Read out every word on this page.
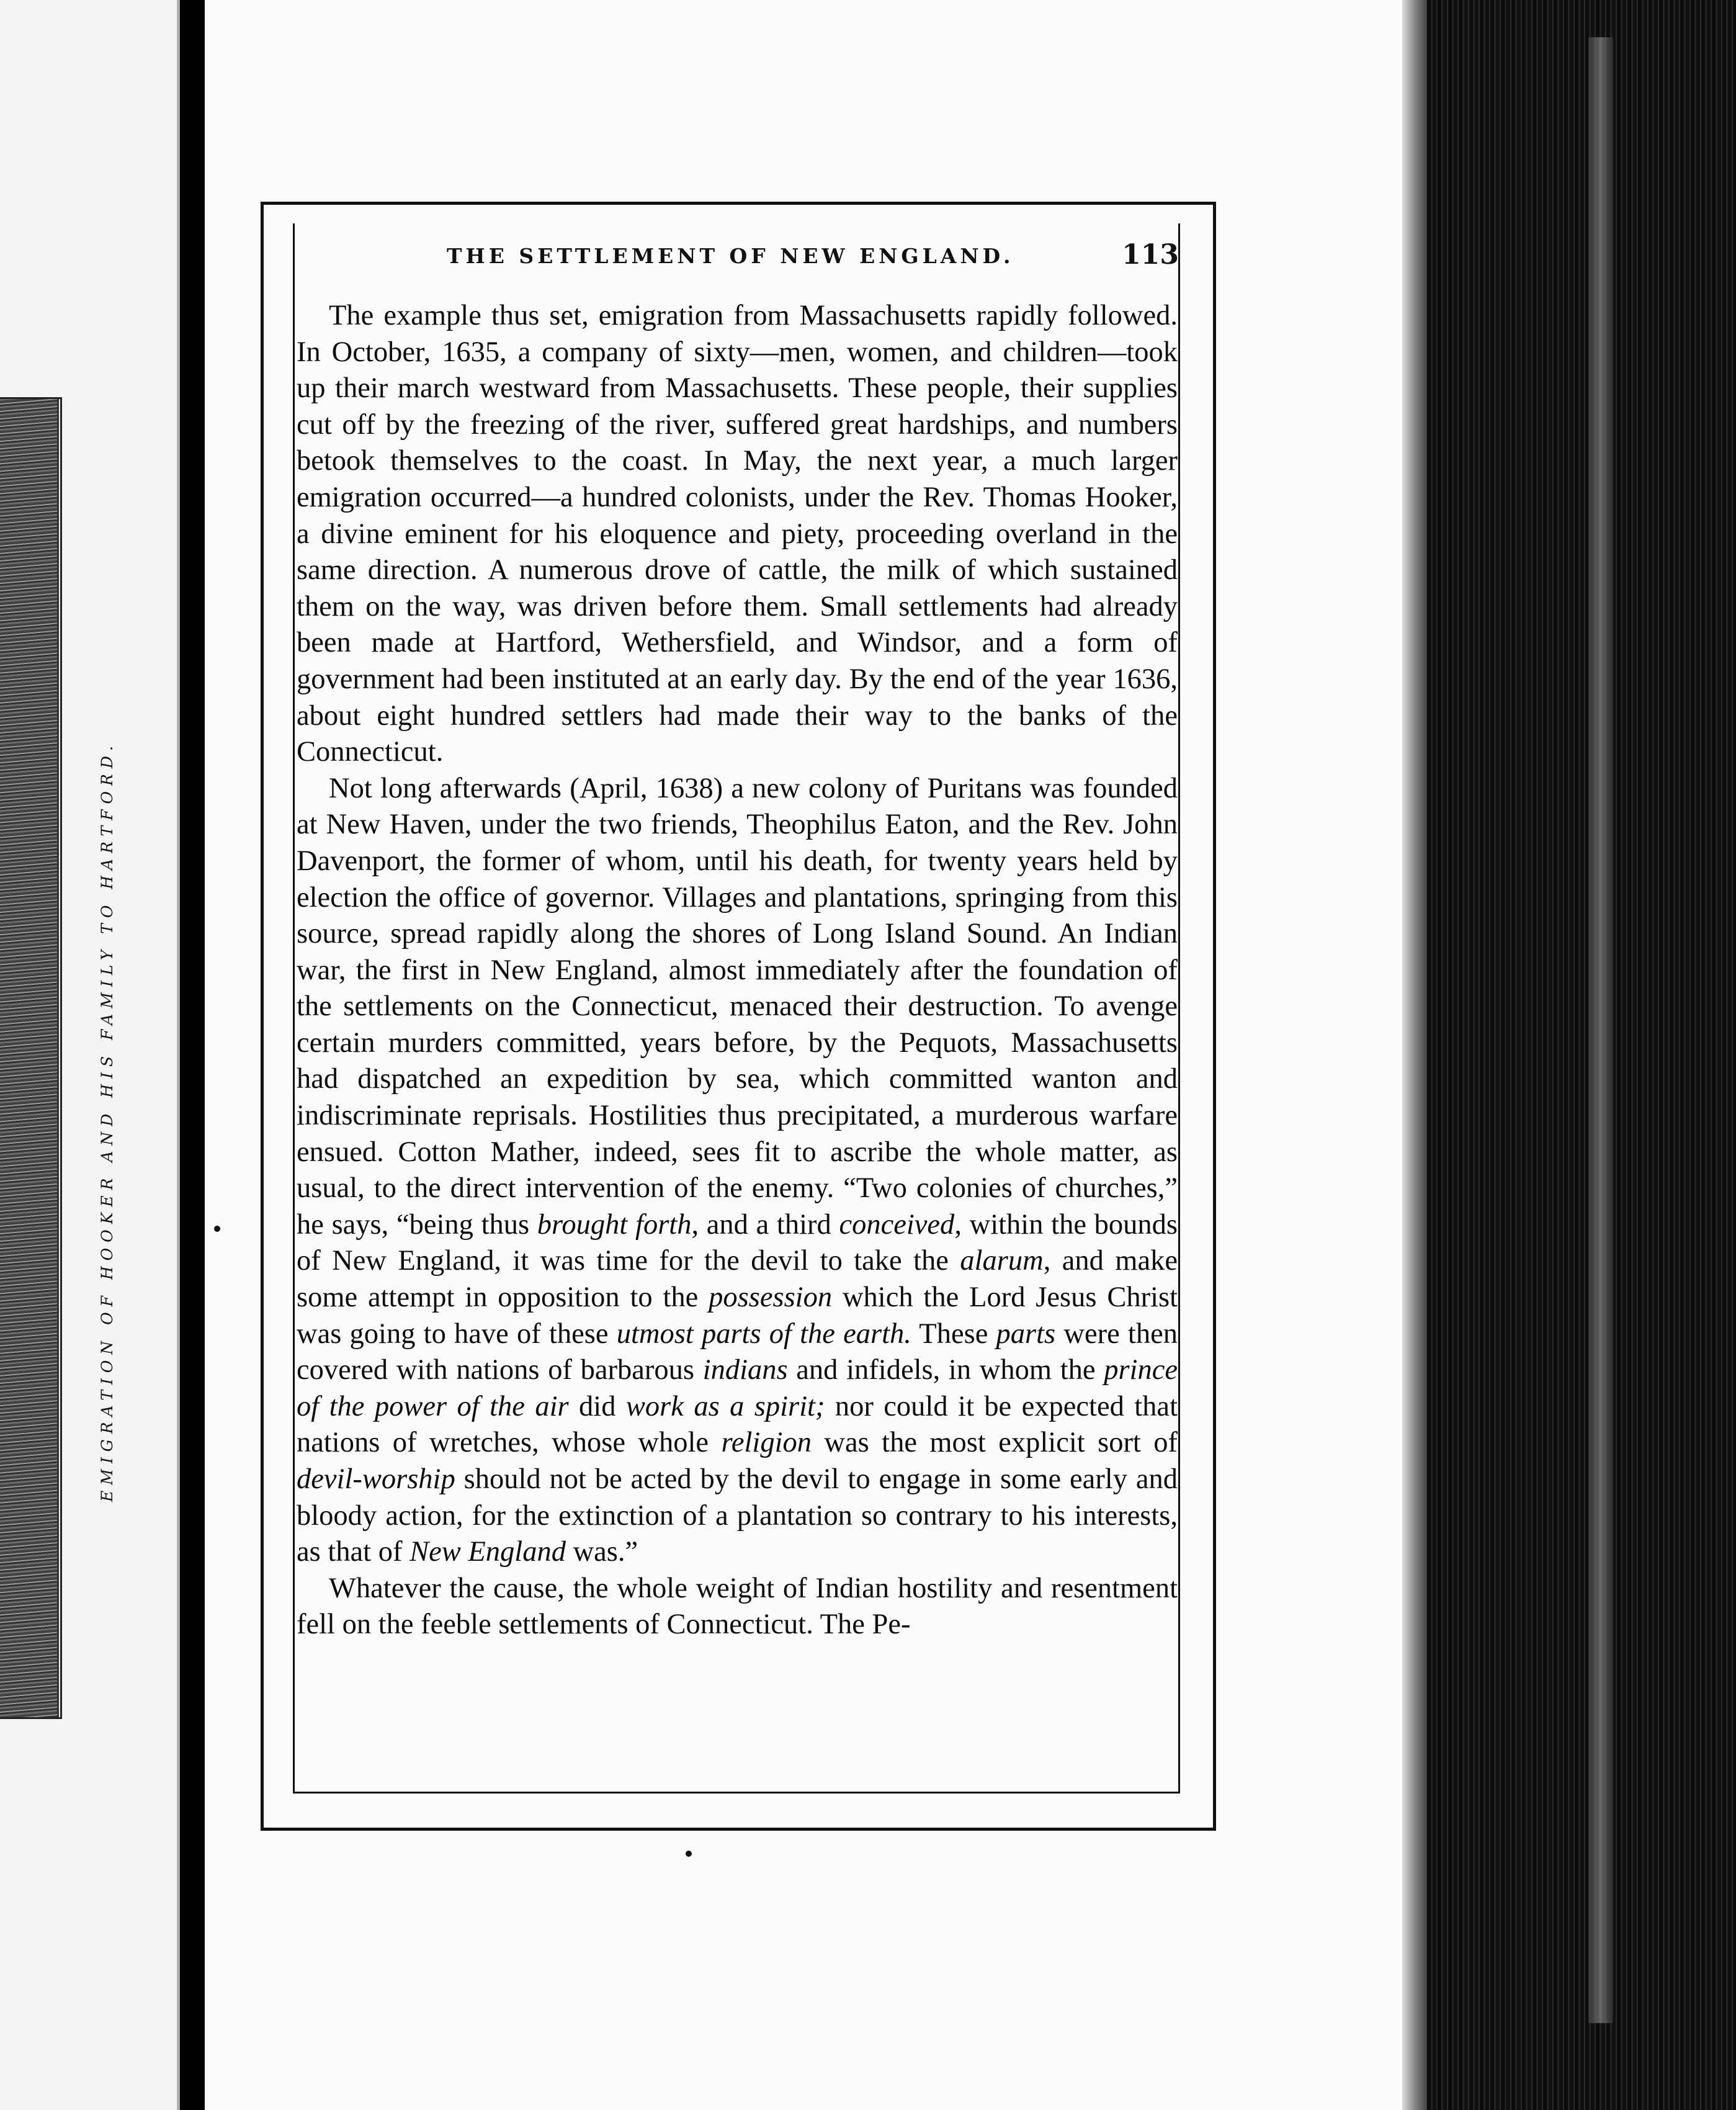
EMIGRATION OF HOOKER AND HIS FAMILY TO HARTFORD.
THE SETTLEMENT OF NEW ENGLAND.	113

The example thus set, emigration from Massachusetts rapidly followed. In October, 1635, a company of sixty—men, women, and children—took up their march westward from Massachusetts. These people, their supplies cut off by the freezing of the river, suffered great hardships, and numbers betook themselves to the coast. In May, the next year, a much larger emigration occurred—a hundred colonists, under the Rev. Thomas Hooker, a divine eminent for his eloquence and piety, proceeding overland in the same direction. A numerous drove of cattle, the milk of which sustained them on the way, was driven before them. Small settlements had already been made at Hartford, Wethersfield, and Windsor, and a form of government had been instituted at an early day. By the end of the year 1636, about eight hundred settlers had made their way to the banks of the Connecticut.

Not long afterwards (April, 1638) a new colony of Puritans was founded at New Haven, under the two friends, Theophilus Eaton, and the Rev. John Davenport, the former of whom, until his death, for twenty years held by election the office of governor. Villages and plantations, springing from this source, spread rapidly along the shores of Long Island Sound. An Indian war, the first in New England, almost immediately after the foundation of the settlements on the Connecticut, menaced their destruction. To avenge certain murders committed, years before, by the Pequots, Massachusetts had dispatched an expedition by sea, which committed wanton and indiscriminate reprisals. Hostilities thus precipitated, a murderous warfare ensued. Cotton Mather, indeed, sees fit to ascribe the whole matter, as usual, to the direct intervention of the enemy. “Two colonies of churches,” he says, “being thus brought forth, and a third conceived, within the bounds of New England, it was time for the devil to take the alarum, and make some attempt in opposition to the possession which the Lord Jesus Christ was going to have of these utmost parts of the earth. These parts were then covered with nations of barbarous indians and infidels, in whom the prince of the power of the air did work as a spirit; nor could it be expected that nations of wretches, whose whole religion was the most explicit sort of devil-worship should not be acted by the devil to engage in some early and bloody action, for the extinction of a plantation so contrary to his interests, as that of New England was.”

Whatever the cause, the whole weight of Indian hostility and resentment fell on the feeble settlements of Connecticut. The Pe-
